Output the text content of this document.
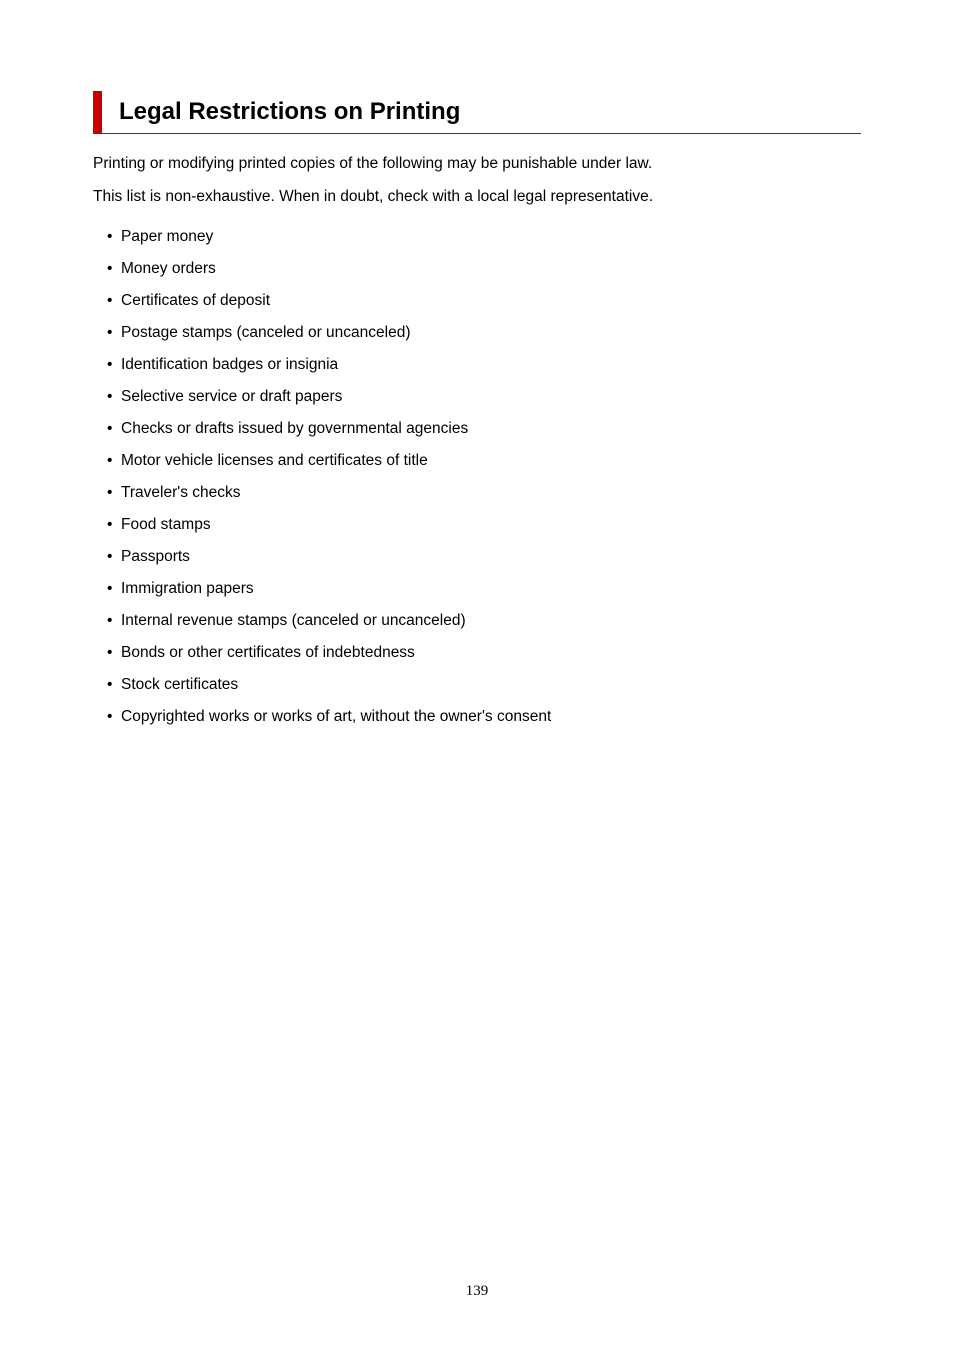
Legal Restrictions on Printing

Printing or modifying printed copies of the following may be punishable under law.

This list is non-exhaustive. When in doubt, check with a local legal representative.

• Paper money
• Money orders
• Certificates of deposit
• Postage stamps (canceled or uncanceled)
• Identification badges or insignia
• Selective service or draft papers
• Checks or drafts issued by governmental agencies
• Motor vehicle licenses and certificates of title
• Traveler's checks
• Food stamps
• Passports
• Immigration papers
• Internal revenue stamps (canceled or uncanceled)
• Bonds or other certificates of indebtedness
• Stock certificates
• Copyrighted works or works of art, without the owner's consent
139
